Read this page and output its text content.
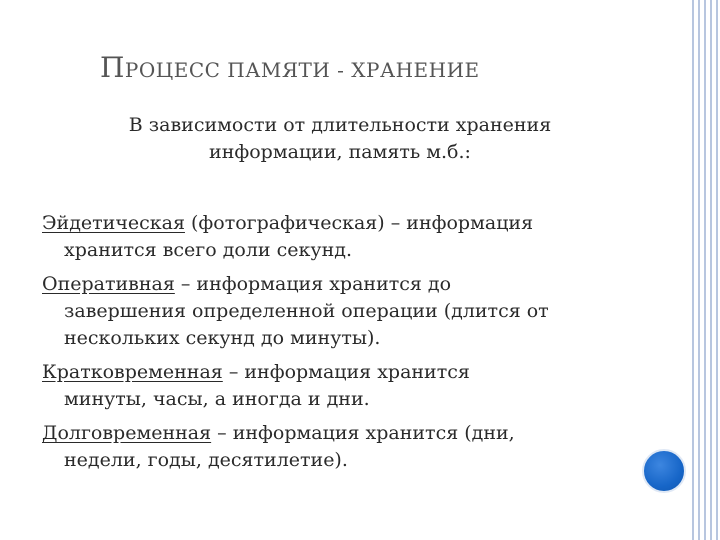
ПРОЦЕСС ПАМЯТИ - ХРАНЕНИЕ
В зависимости от длительности хранения
информации, память м.б.:
Эйдетическая (фотографическая) – информация
хранится всего доли секунд.
Оперативная – информация хранится до
завершения определенной операции (длится от
нескольких секунд до минуты).
Кратковременная – информация хранится
минуты, часы, а иногда и дни.
Долговременная – информация хранится (дни,
недели, годы, десятилетие).
